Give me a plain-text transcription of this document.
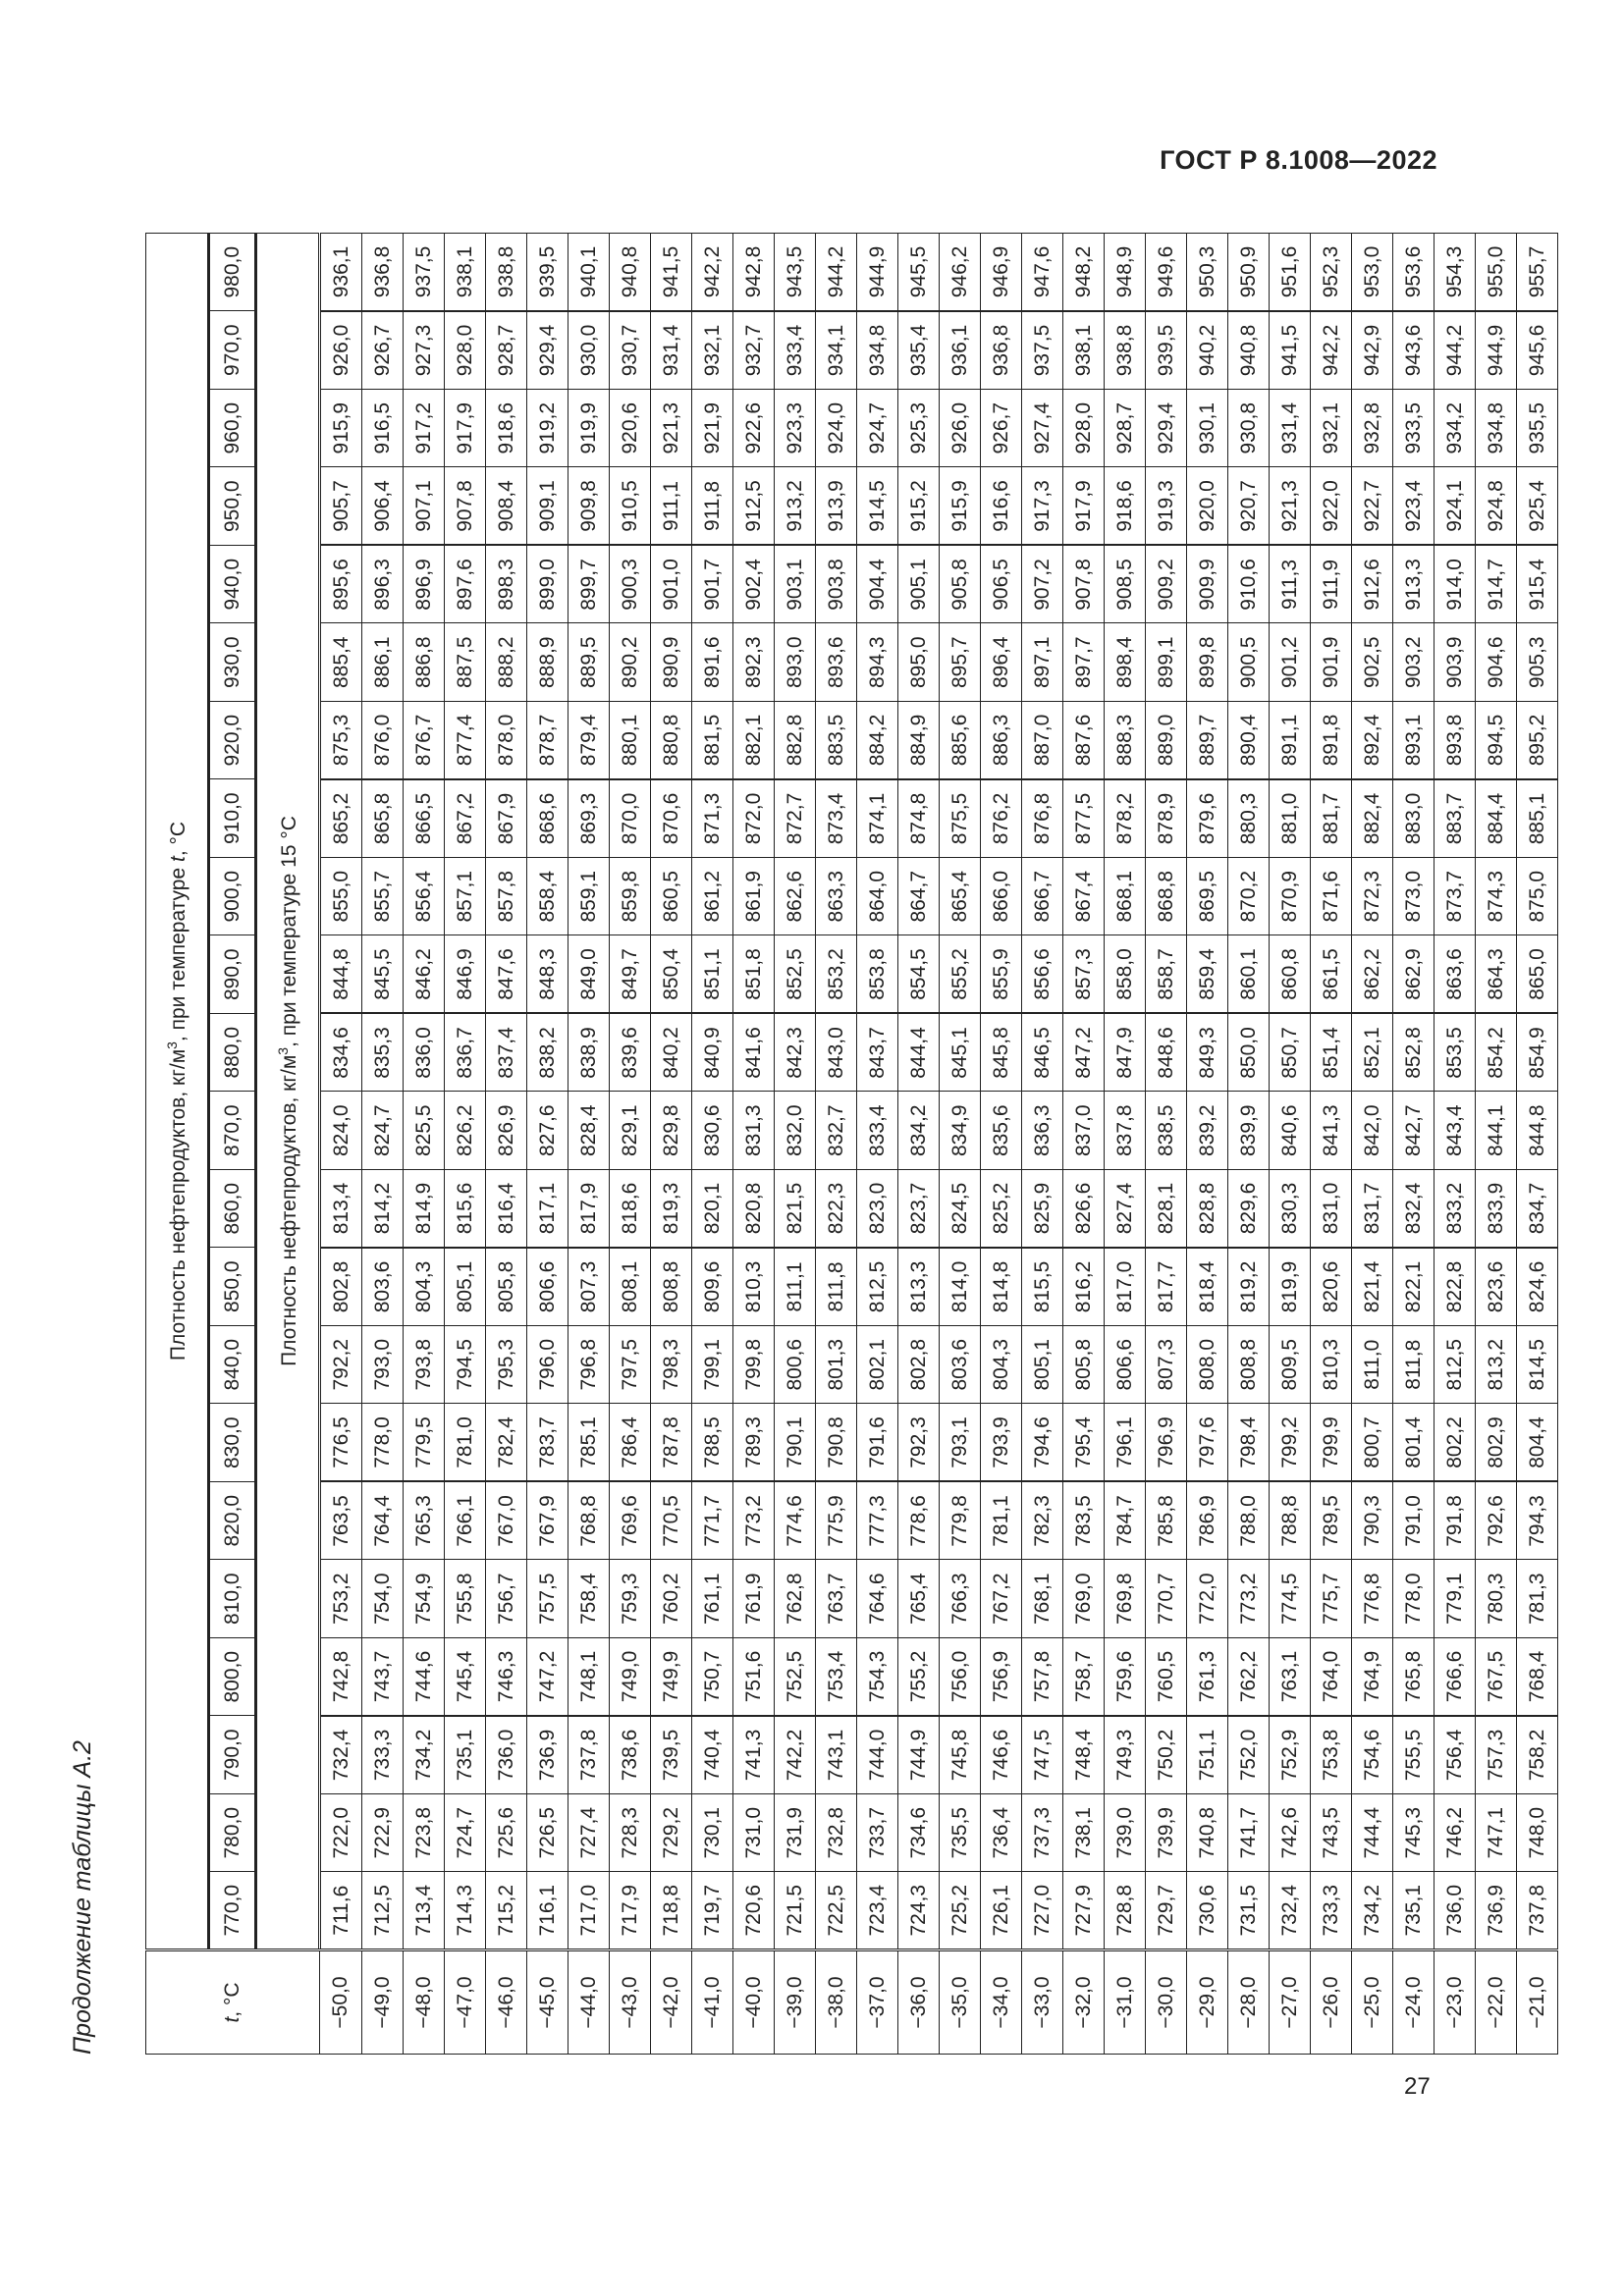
ГОСТ Р 8.1008—2022
Продолжение таблицы А.2	t, °C	Плотность нефтепродуктов, $кг/м^3$, при температуре t, °C																					
	770,0	780,0	790,0	800,0	810,0	820,0	830,0	840,0	850,0	860,0	870,0	880,0	890,0	900,0	910,0	920,0	930,0	940,0	950,0	960,0	970,0	980,0
	Плотность нефтепродуктов, $кг/м^3$, при температуре 15 °C																					
−50,0	711,6	722,0	732,4	742,8	753,2	763,5	776,5	792,2	802,8	813,4	824,0	834,6	844,8	855,0	865,2	875,3	885,4	895,6	905,7	915,9	926,0	936,1
−49,0	712,5	722,9	733,3	743,7	754,0	764,4	778,0	793,0	803,6	814,2	824,7	835,3	845,5	855,7	865,8	876,0	886,1	896,3	906,4	916,5	926,7	936,8
−48,0	713,4	723,8	734,2	744,6	754,9	765,3	779,5	793,8	804,3	814,9	825,5	836,0	846,2	856,4	866,5	876,7	886,8	896,9	907,1	917,2	927,3	937,5
−47,0	714,3	724,7	735,1	745,4	755,8	766,1	781,0	794,5	805,1	815,6	826,2	836,7	846,9	857,1	867,2	877,4	887,5	897,6	907,8	917,9	928,0	938,1
−46,0	715,2	725,6	736,0	746,3	756,7	767,0	782,4	795,3	805,8	816,4	826,9	837,4	847,6	857,8	867,9	878,0	888,2	898,3	908,4	918,6	928,7	938,8
−45,0	716,1	726,5	736,9	747,2	757,5	767,9	783,7	796,0	806,6	817,1	827,6	838,2	848,3	858,4	868,6	878,7	888,9	899,0	909,1	919,2	929,4	939,5
−44,0	717,0	727,4	737,8	748,1	758,4	768,8	785,1	796,8	807,3	817,9	828,4	838,9	849,0	859,1	869,3	879,4	889,5	899,7	909,8	919,9	930,0	940,1
−43,0	717,9	728,3	738,6	749,0	759,3	769,6	786,4	797,5	808,1	818,6	829,1	839,6	849,7	859,8	870,0	880,1	890,2	900,3	910,5	920,6	930,7	940,8
−42,0	718,8	729,2	739,5	749,9	760,2	770,5	787,8	798,3	808,8	819,3	829,8	840,2	850,4	860,5	870,6	880,8	890,9	901,0	911,1	921,3	931,4	941,5
−41,0	719,7	730,1	740,4	750,7	761,1	771,7	788,5	799,1	809,6	820,1	830,6	840,9	851,1	861,2	871,3	881,5	891,6	901,7	911,8	921,9	932,1	942,2
−40,0	720,6	731,0	741,3	751,6	761,9	773,2	789,3	799,8	810,3	820,8	831,3	841,6	851,8	861,9	872,0	882,1	892,3	902,4	912,5	922,6	932,7	942,8
−39,0	721,5	731,9	742,2	752,5	762,8	774,6	790,1	800,6	811,1	821,5	832,0	842,3	852,5	862,6	872,7	882,8	893,0	903,1	913,2	923,3	933,4	943,5
−38,0	722,5	732,8	743,1	753,4	763,7	775,9	790,8	801,3	811,8	822,3	832,7	843,0	853,2	863,3	873,4	883,5	893,6	903,8	913,9	924,0	934,1	944,2
−37,0	723,4	733,7	744,0	754,3	764,6	777,3	791,6	802,1	812,5	823,0	833,4	843,7	853,8	864,0	874,1	884,2	894,3	904,4	914,5	924,7	934,8	944,9
−36,0	724,3	734,6	744,9	755,2	765,4	778,6	792,3	802,8	813,3	823,7	834,2	844,4	854,5	864,7	874,8	884,9	895,0	905,1	915,2	925,3	935,4	945,5
−35,0	725,2	735,5	745,8	756,0	766,3	779,8	793,1	803,6	814,0	824,5	834,9	845,1	855,2	865,4	875,5	885,6	895,7	905,8	915,9	926,0	936,1	946,2
−34,0	726,1	736,4	746,6	756,9	767,2	781,1	793,9	804,3	814,8	825,2	835,6	845,8	855,9	866,0	876,2	886,3	896,4	906,5	916,6	926,7	936,8	946,9
−33,0	727,0	737,3	747,5	757,8	768,1	782,3	794,6	805,1	815,5	825,9	836,3	846,5	856,6	866,7	876,8	887,0	897,1	907,2	917,3	927,4	937,5	947,6
−32,0	727,9	738,1	748,4	758,7	769,0	783,5	795,4	805,8	816,2	826,6	837,0	847,2	857,3	867,4	877,5	887,6	897,7	907,8	917,9	928,0	938,1	948,2
−31,0	728,8	739,0	749,3	759,6	769,8	784,7	796,1	806,6	817,0	827,4	837,8	847,9	858,0	868,1	878,2	888,3	898,4	908,5	918,6	928,7	938,8	948,9
−30,0	729,7	739,9	750,2	760,5	770,7	785,8	796,9	807,3	817,7	828,1	838,5	848,6	858,7	868,8	878,9	889,0	899,1	909,2	919,3	929,4	939,5	949,6
−29,0	730,6	740,8	751,1	761,3	772,0	786,9	797,6	808,0	818,4	828,8	839,2	849,3	859,4	869,5	879,6	889,7	899,8	909,9	920,0	930,1	940,2	950,3
−28,0	731,5	741,7	752,0	762,2	773,2	788,0	798,4	808,8	819,2	829,6	839,9	850,0	860,1	870,2	880,3	890,4	900,5	910,6	920,7	930,8	940,8	950,9
−27,0	732,4	742,6	752,9	763,1	774,5	788,8	799,2	809,5	819,9	830,3	840,6	850,7	860,8	870,9	881,0	891,1	901,2	911,3	921,3	931,4	941,5	951,6
−26,0	733,3	743,5	753,8	764,0	775,7	789,5	799,9	810,3	820,6	831,0	841,3	851,4	861,5	871,6	881,7	891,8	901,9	911,9	922,0	932,1	942,2	952,3
−25,0	734,2	744,4	754,6	764,9	776,8	790,3	800,7	811,0	821,4	831,7	842,0	852,1	862,2	872,3	882,4	892,4	902,5	912,6	922,7	932,8	942,9	953,0
−24,0	735,1	745,3	755,5	765,8	778,0	791,0	801,4	811,8	822,1	832,4	842,7	852,8	862,9	873,0	883,0	893,1	903,2	913,3	923,4	933,5	943,6	953,6
−23,0	736,0	746,2	756,4	766,6	779,1	791,8	802,2	812,5	822,8	833,2	843,4	853,5	863,6	873,7	883,7	893,8	903,9	914,0	924,1	934,2	944,2	954,3
−22,0	736,9	747,1	757,3	767,5	780,3	792,6	802,9	813,2	823,6	833,9	844,1	854,2	864,3	874,3	884,4	894,5	904,6	914,7	924,8	934,8	944,9	955,0
−21,0	737,8	748,0	758,2	768,4	781,3	794,3	804,4	814,5	824,6	834,7	844,8	854,9	865,0	875,0	885,1	895,2	905,3	915,4	925,4	935,5	945,6	955,7
27
